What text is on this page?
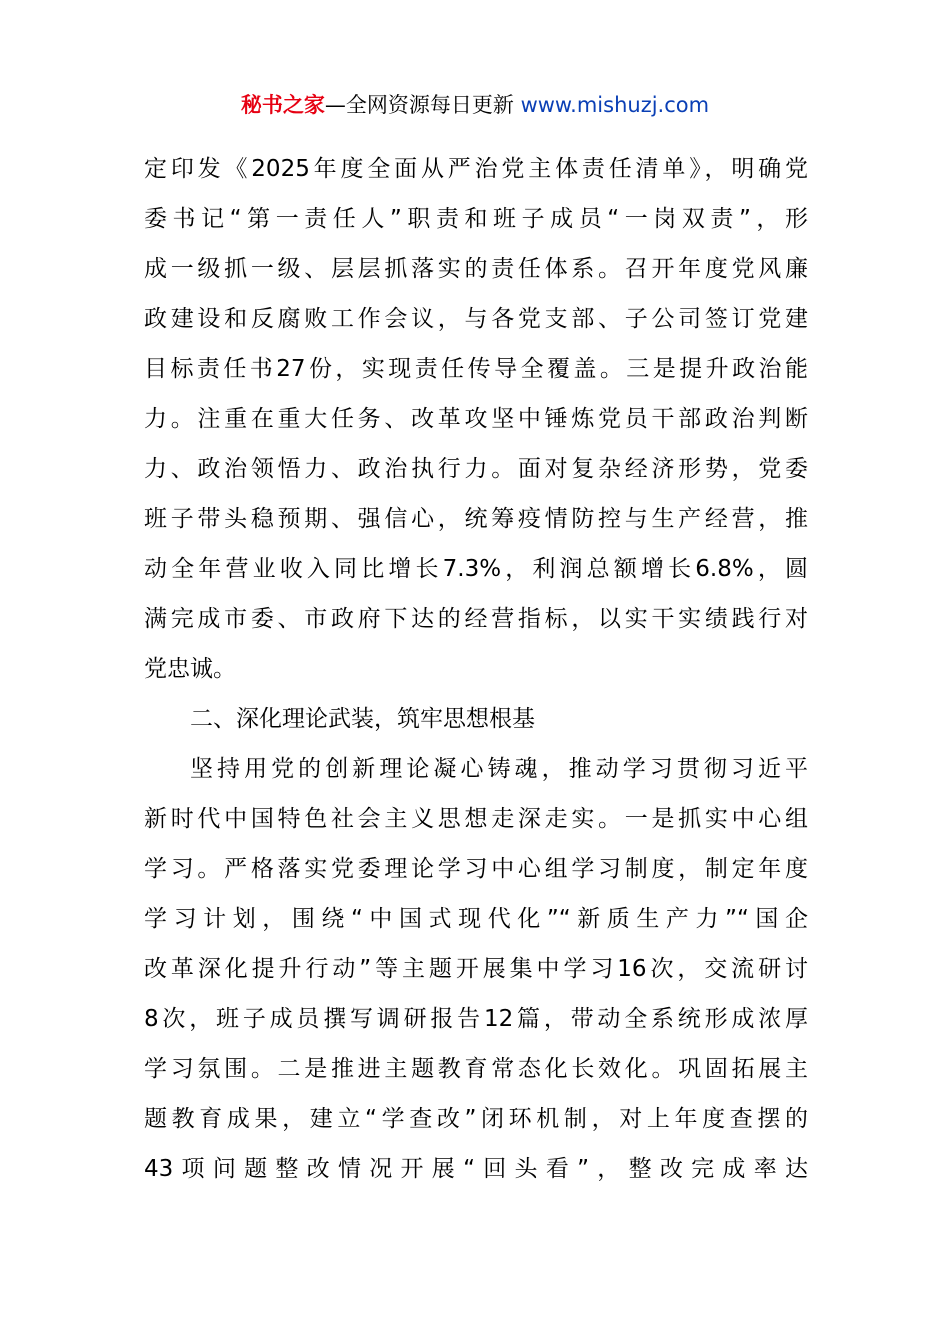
秘书之家—全网资源每日更新 www.mishuzj.com
定印发《2025年度全面从严治党主体责任清单》，明确党
委书记“第一责任人”职责和班子成员“一岗双责”，形
成一级抓一级、层层抓落实的责任体系。召开年度党风廉
政建设和反腐败工作会议，与各党支部、子公司签订党建
目标责任书27份，实现责任传导全覆盖。三是提升政治能
力。注重在重大任务、改革攻坚中锤炼党员干部政治判断
力、政治领悟力、政治执行力。面对复杂经济形势，党委
班子带头稳预期、强信心，统筹疫情防控与生产经营，推
动全年营业收入同比增长7.3%，利润总额增长6.8%，圆
满完成市委、市政府下达的经营指标，以实干实绩践行对
党忠诚。
二、深化理论武装，筑牢思想根基
坚持用党的创新理论凝心铸魂，推动学习贯彻习近平
新时代中国特色社会主义思想走深走实。一是抓实中心组
学习。严格落实党委理论学习中心组学习制度，制定年度
学习计划，围绕“中国式现代化”“新质生产力”“国企
改革深化提升行动”等主题开展集中学习16次，交流研讨
8次，班子成员撰写调研报告12篇，带动全系统形成浓厚
学习氛围。二是推进主题教育常态化长效化。巩固拓展主
题教育成果，建立“学查改”闭环机制，对上年度查摆的
43项问题整改情况开展“回头看”，整改完成率达
